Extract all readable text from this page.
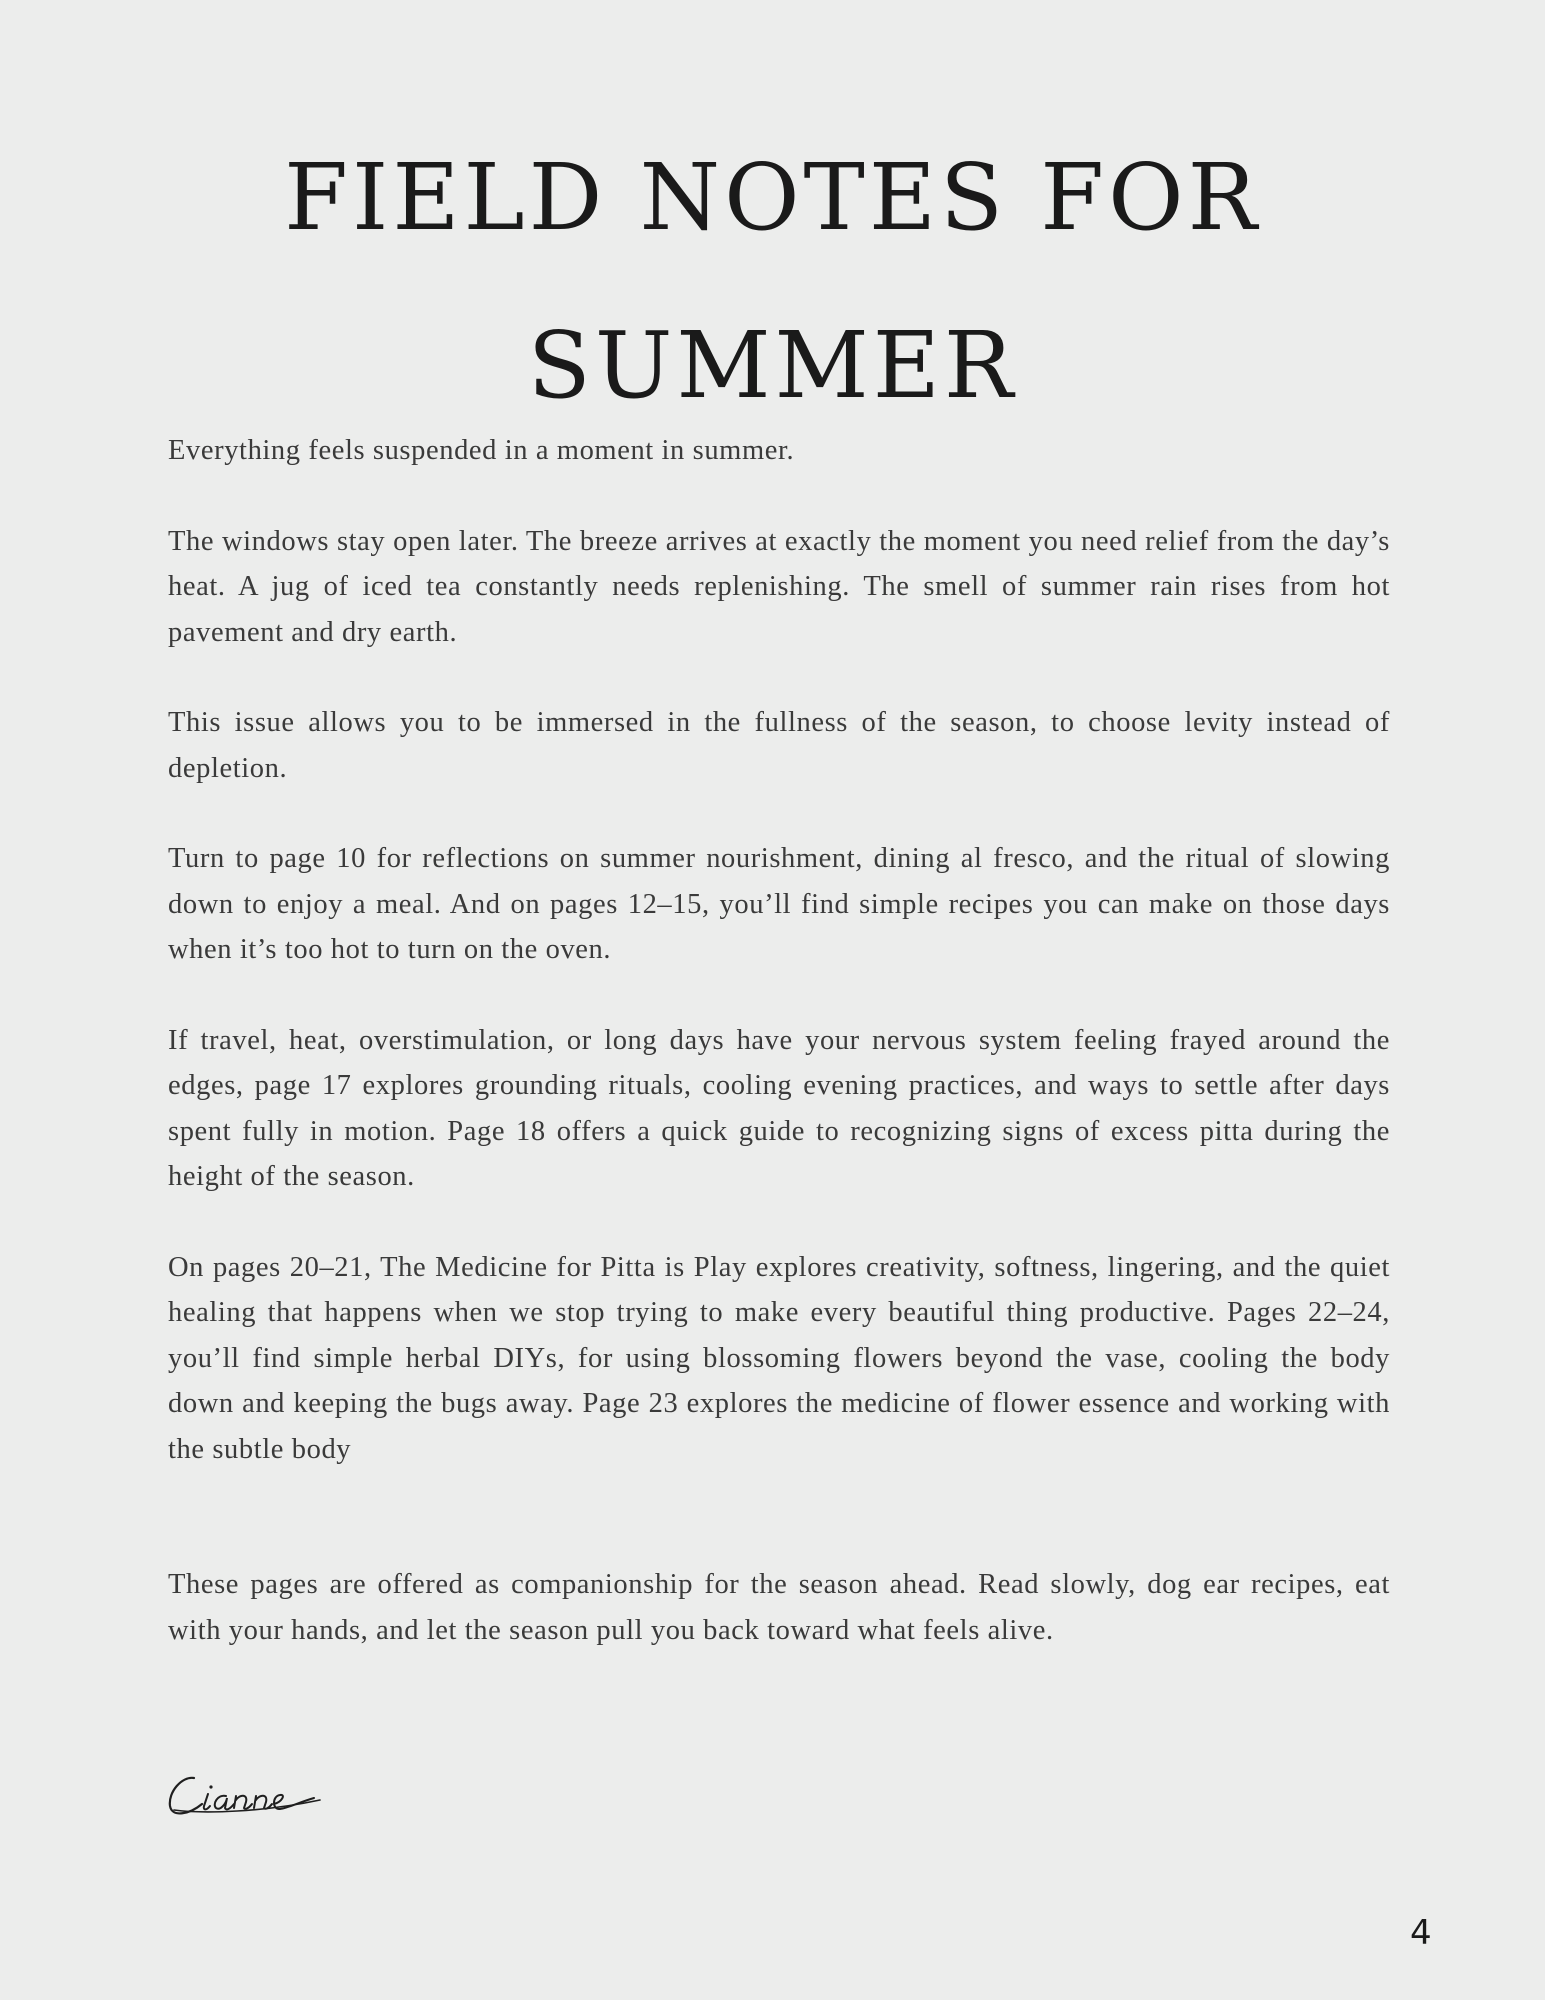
FIELD NOTES FOR
SUMMER

Everything feels suspended in a moment in summer.

The windows stay open later. The breeze arrives at exactly the moment you need relief from the day’s heat. A jug of iced tea constantly needs replenishing. The smell of summer rain rises from hot pavement and dry earth.

This issue allows you to be immersed in the fullness of the season, to choose levity instead of depletion.

Turn to page 10 for reflections on summer nourishment, dining al fresco, and the ritual of slowing down to enjoy a meal. And on pages 12–15, you’ll find simple recipes you can make on those days when it’s too hot to turn on the oven.

If travel, heat, overstimulation, or long days have your nervous system feeling frayed around the edges, page 17 explores grounding rituals, cooling evening practices, and ways to settle after days spent fully in motion. Page 18 offers a quick guide to recognizing signs of excess pitta during the height of the season.

On pages 20–21, The Medicine for Pitta is Play explores creativity, softness, lingering, and the quiet healing that happens when we stop trying to make every beautiful thing productive. Pages 22–24, you’ll find simple herbal DIYs, for using blossoming flowers beyond the vase, cooling the body down and keeping the bugs away. Page 23 explores the medicine of flower essence and working with the subtle body

These pages are offered as companionship for the season ahead. Read slowly, dog ear recipes, eat with your hands, and let the season pull you back toward what feels alive.

4
